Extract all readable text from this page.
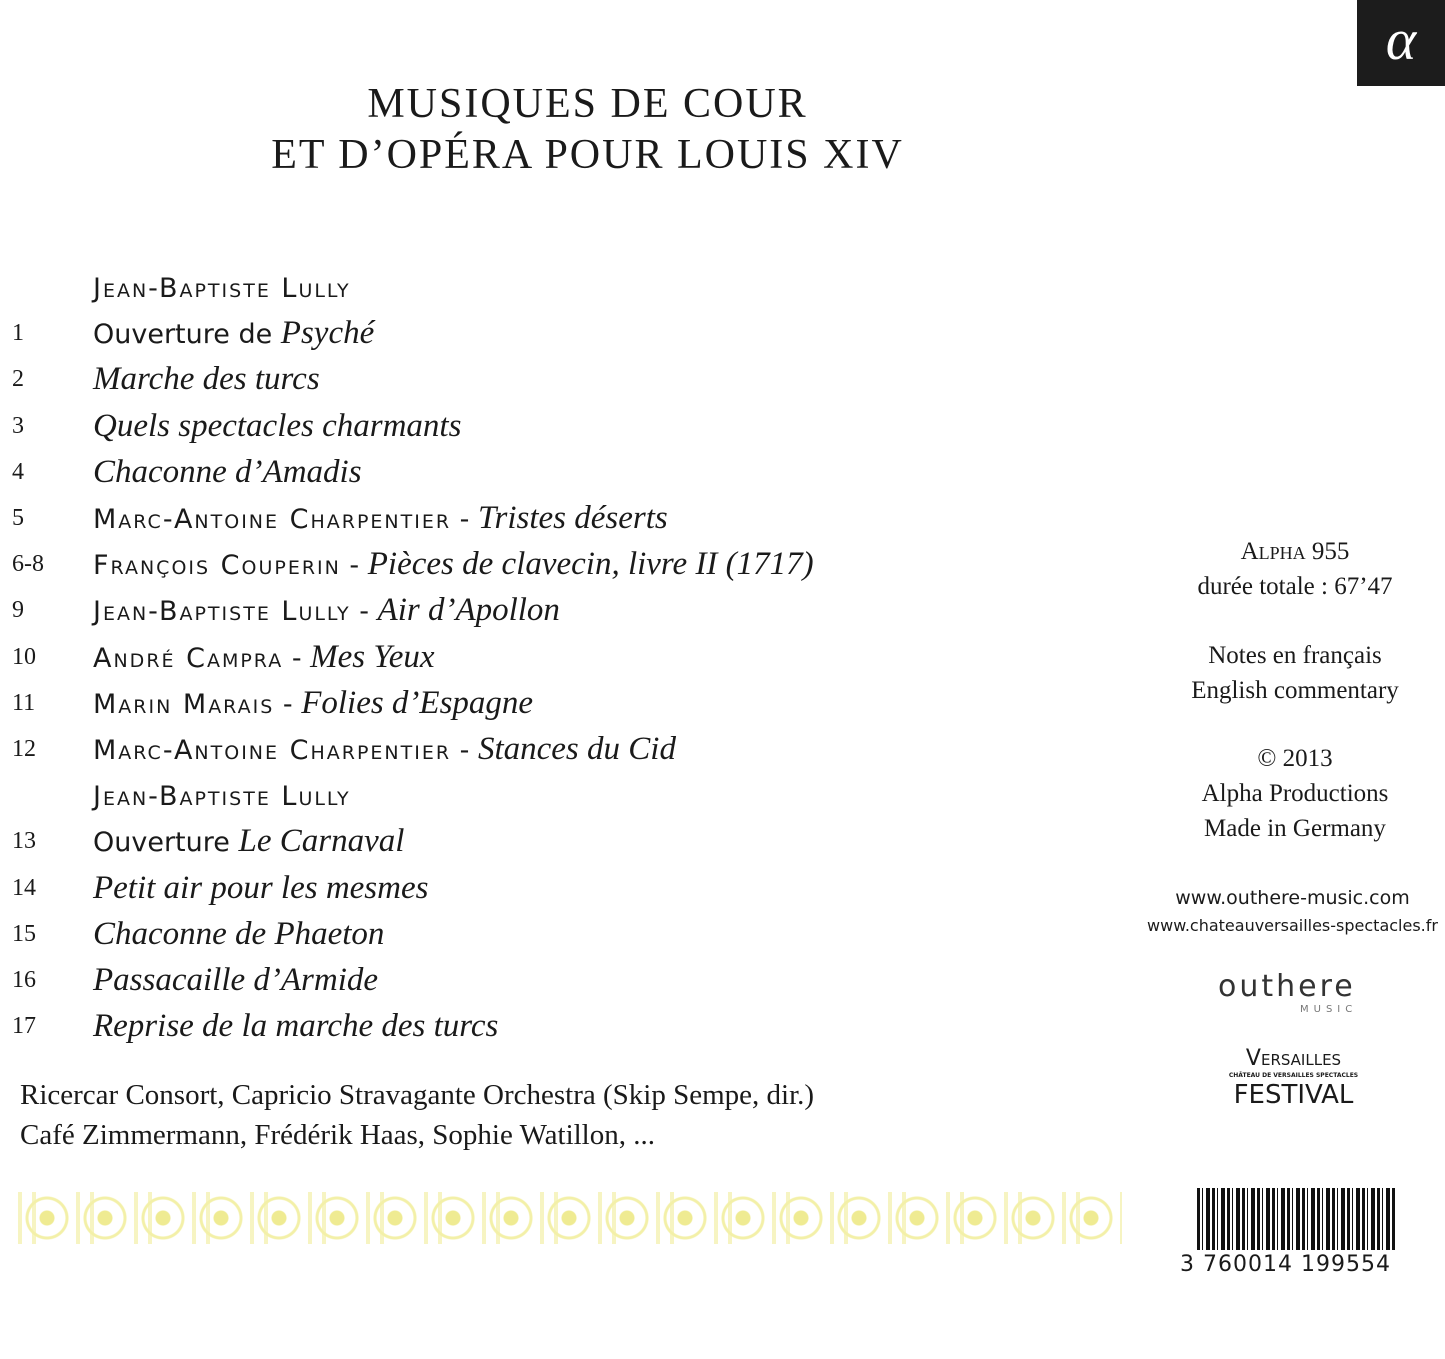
α
MUSIQUES DE COUR
ET D’OPÉRA POUR LOUIS XIV
Jean-Baptiste Lully
1	Ouverture de Psyché
2 Marche des turcs
3 Quels spectacles charmants
4 Chaconne d’Amadis
5	Marc-Antoine Charpentier - Tristes déserts
6-8 François Couperin - Pièces de clavecin, livre II (1717)
9	Jean-Baptiste Lully - Air d’Apollon
10 André Campra - Mes Yeux
11 Marin Marais - Folies d’Espagne
12 Marc-Antoine Charpentier - Stances du Cid
Jean-Baptiste Lully
13 Ouverture Le Carnaval
14 Petit air pour les mesmes
15 Chaconne de Phaeton
16 Passacaille d’Armide
17 Reprise de la marche des turcs
Ricercar Consort, Capricio Stravagante Orchestra (Skip Sempe, dir.)
Café Zimmermann, Frédérik Haas, Sophie Watillon, ...
Alpha 955
durée totale : 67’47
Notes en français
English commentary
© 2013
Alpha Productions
Made in Germany
www.outhere-music.com
www.chateauversailles-spectacles.fr
outhere
MUSIC
Versailles
CHÂTEAU DE VERSAILLES SPECTACLES
FESTIVAL
3 760014 199554
